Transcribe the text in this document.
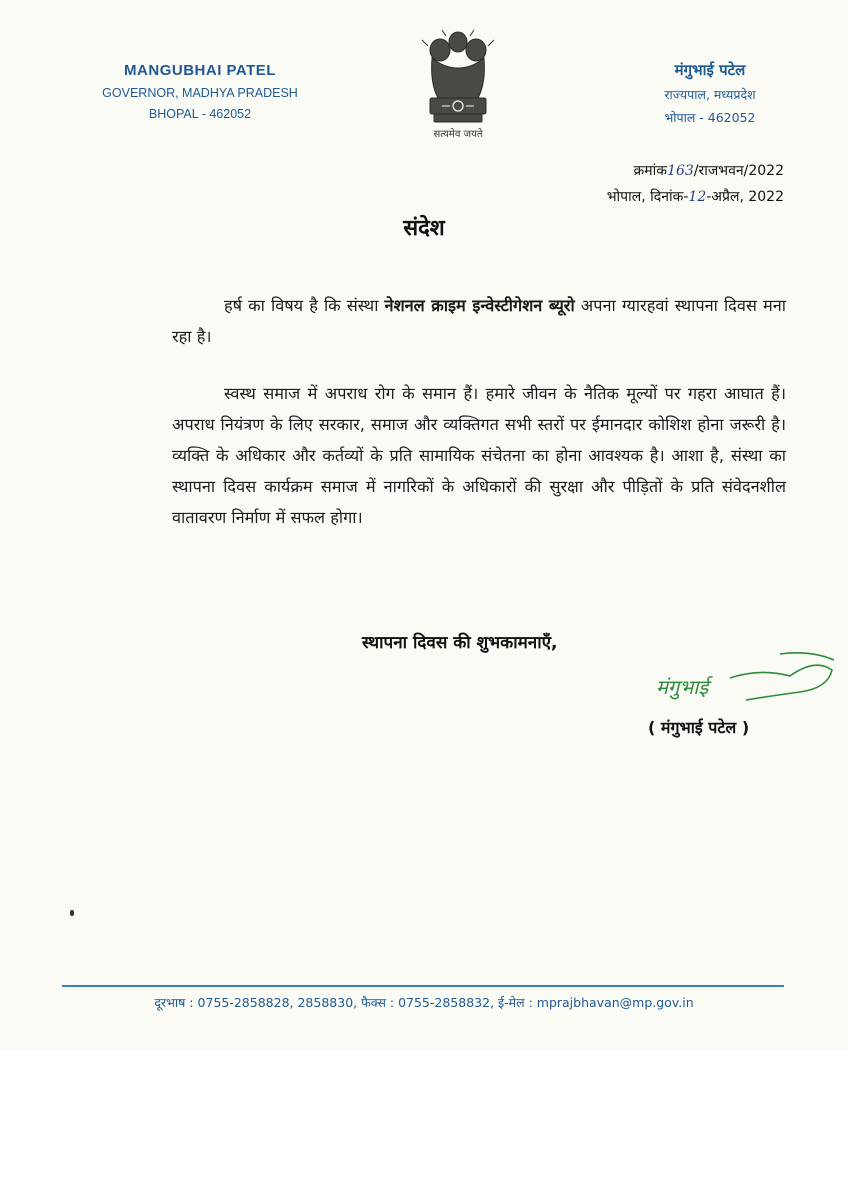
MANGUBHAI PATEL
GOVERNOR, MADHYA PRADESH
BHOPAL - 462052
सत्यमेव जयते
मंगुभाई पटेल
राज्यपाल, मध्यप्रदेश
भोपाल - 462052
क्रमांक163/राजभवन/2022
भोपाल, दिनांक-12-अप्रैल, 2022
संदेश
हर्ष का विषय है कि संस्था नेशनल क्राइम इन्वेस्टीगेशन ब्यूरो अपना ग्यारहवां स्थापना दिवस मना रहा है।
स्वस्थ समाज में अपराध रोग के समान हैं। हमारे जीवन के नैतिक मूल्यों पर गहरा आघात हैं। अपराध नियंत्रण के लिए सरकार, समाज और व्यक्तिगत सभी स्तरों पर ईमानदार कोशिश होना जरूरी है। व्यक्ति के अधिकार और कर्तव्यों के प्रति सामायिक संचेतना का होना आवश्यक है। आशा है, संस्था का स्थापना दिवस कार्यक्रम समाज में नागरिकों के अधिकारों की सुरक्षा और पीड़ितों के प्रति संवेदनशील वातावरण निर्माण में सफल होगा।
स्थापना दिवस की शुभकामनाएँ,
मंगुभाई
( मंगुभाई पटेल )
दूरभाष : 0755-2858828, 2858830, फैक्स : 0755-2858832, ई-मेल : mprajbhavan@mp.gov.in
